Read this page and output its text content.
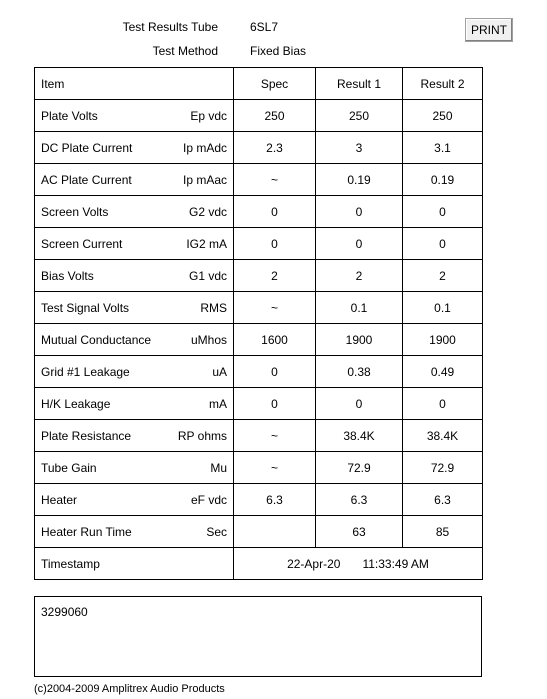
Test Results Tube	6SL7
Test Method	Fixed Bias
PRINT
Item	Spec	Result 1	Result 2

Plate Volts Ep vdc	250	250	250

DC Plate Current Ip mAdc	2.3	3	3.1

AC Plate Current Ip mAac	~	0.19	0.19

Screen Volts G2 vdc	0	0	0

Screen Current IG2 mA	0	0	0

Bias Volts G1 vdc	2	2	2

Test Signal Volts RMS	~	0.1	0.1

Mutual Conductance uMhos	1600	1900	1900

Grid #1 Leakage uA	0	0.38	0.49

H/K Leakage mA	0	0	0

Plate Resistance RP ohms	~	38.4K	38.4K

Tube Gain Mu	~	72.9	72.9

Heater eF vdc	6.3	6.3	6.3

Heater Run Time Sec		63	85
Timestamp	22-Apr-20 11:33:49 AM		
3299060
(c)2004-2009 Amplitrex Audio Products
